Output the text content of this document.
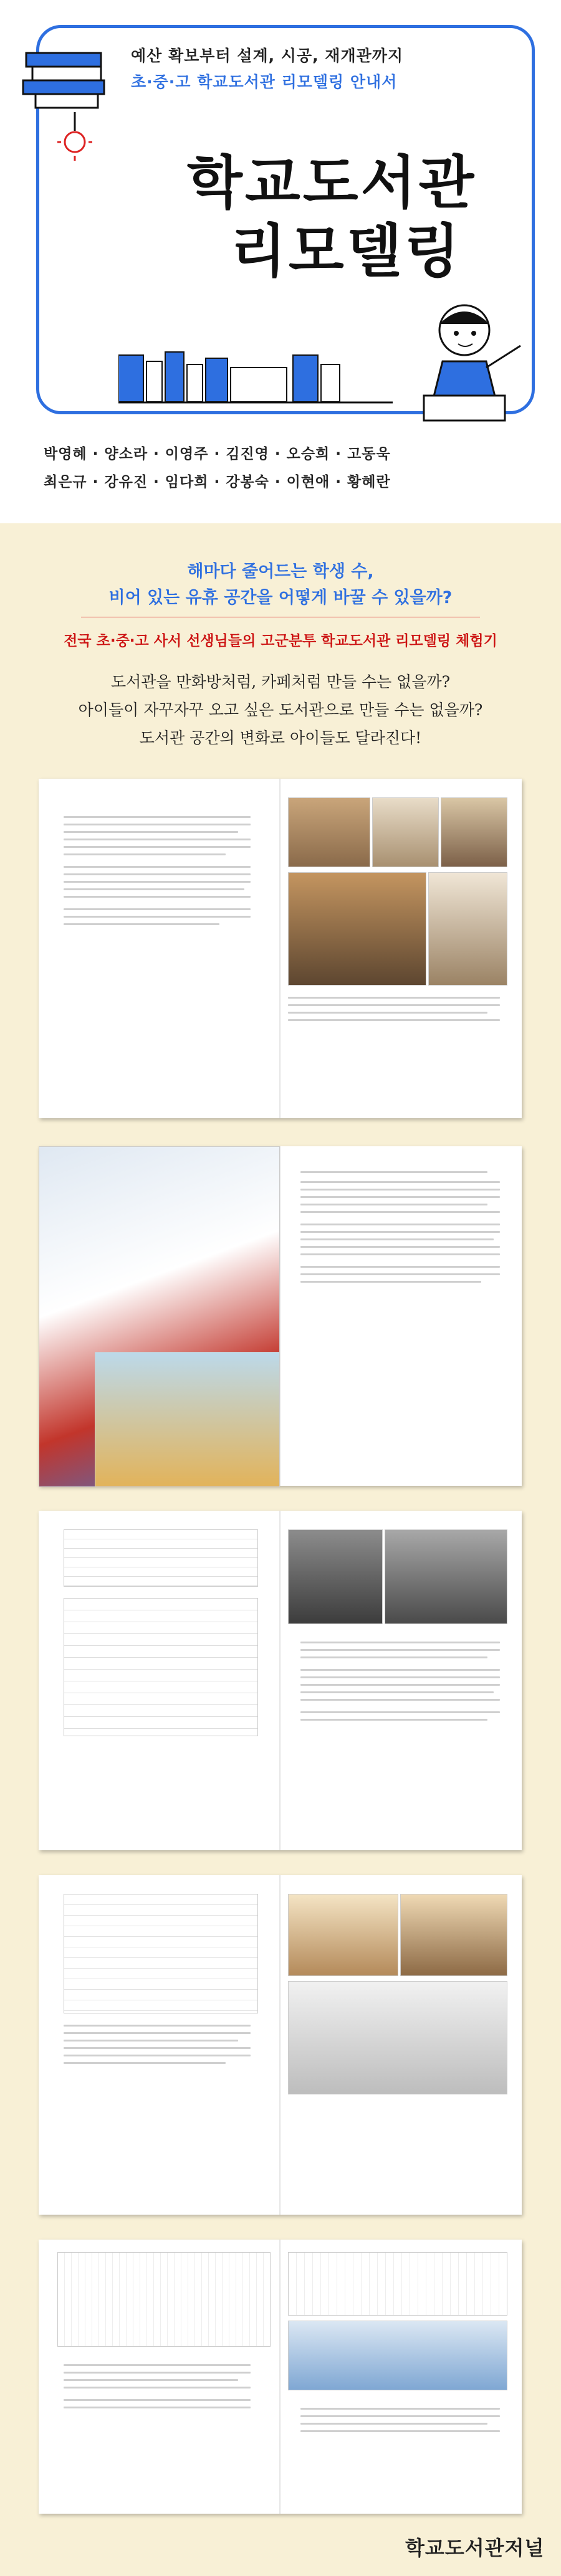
예산 확보부터 설계, 시공, 재개관까지
초·중·고 학교도서관 리모델링 안내서
학교도서관
리모델링
박영혜 · 양소라 · 이영주 · 김진영 · 오승희 · 고동욱
최은규 · 강유진 · 임다희 · 강봉숙 · 이현애 · 황혜란
해마다 줄어드는 학생 수,
비어 있는 유휴 공간을 어떻게 바꿀 수 있을까?
전국 초·중·고 사서 선생님들의 고군분투 학교도서관 리모델링 체험기
도서관을 만화방처럼, 카페처럼 만들 수는 없을까?
아이들이 자꾸자꾸 오고 싶은 도서관으로 만들 수는 없을까?
도서관 공간의 변화로 아이들도 달라진다!
학교도서관저널
